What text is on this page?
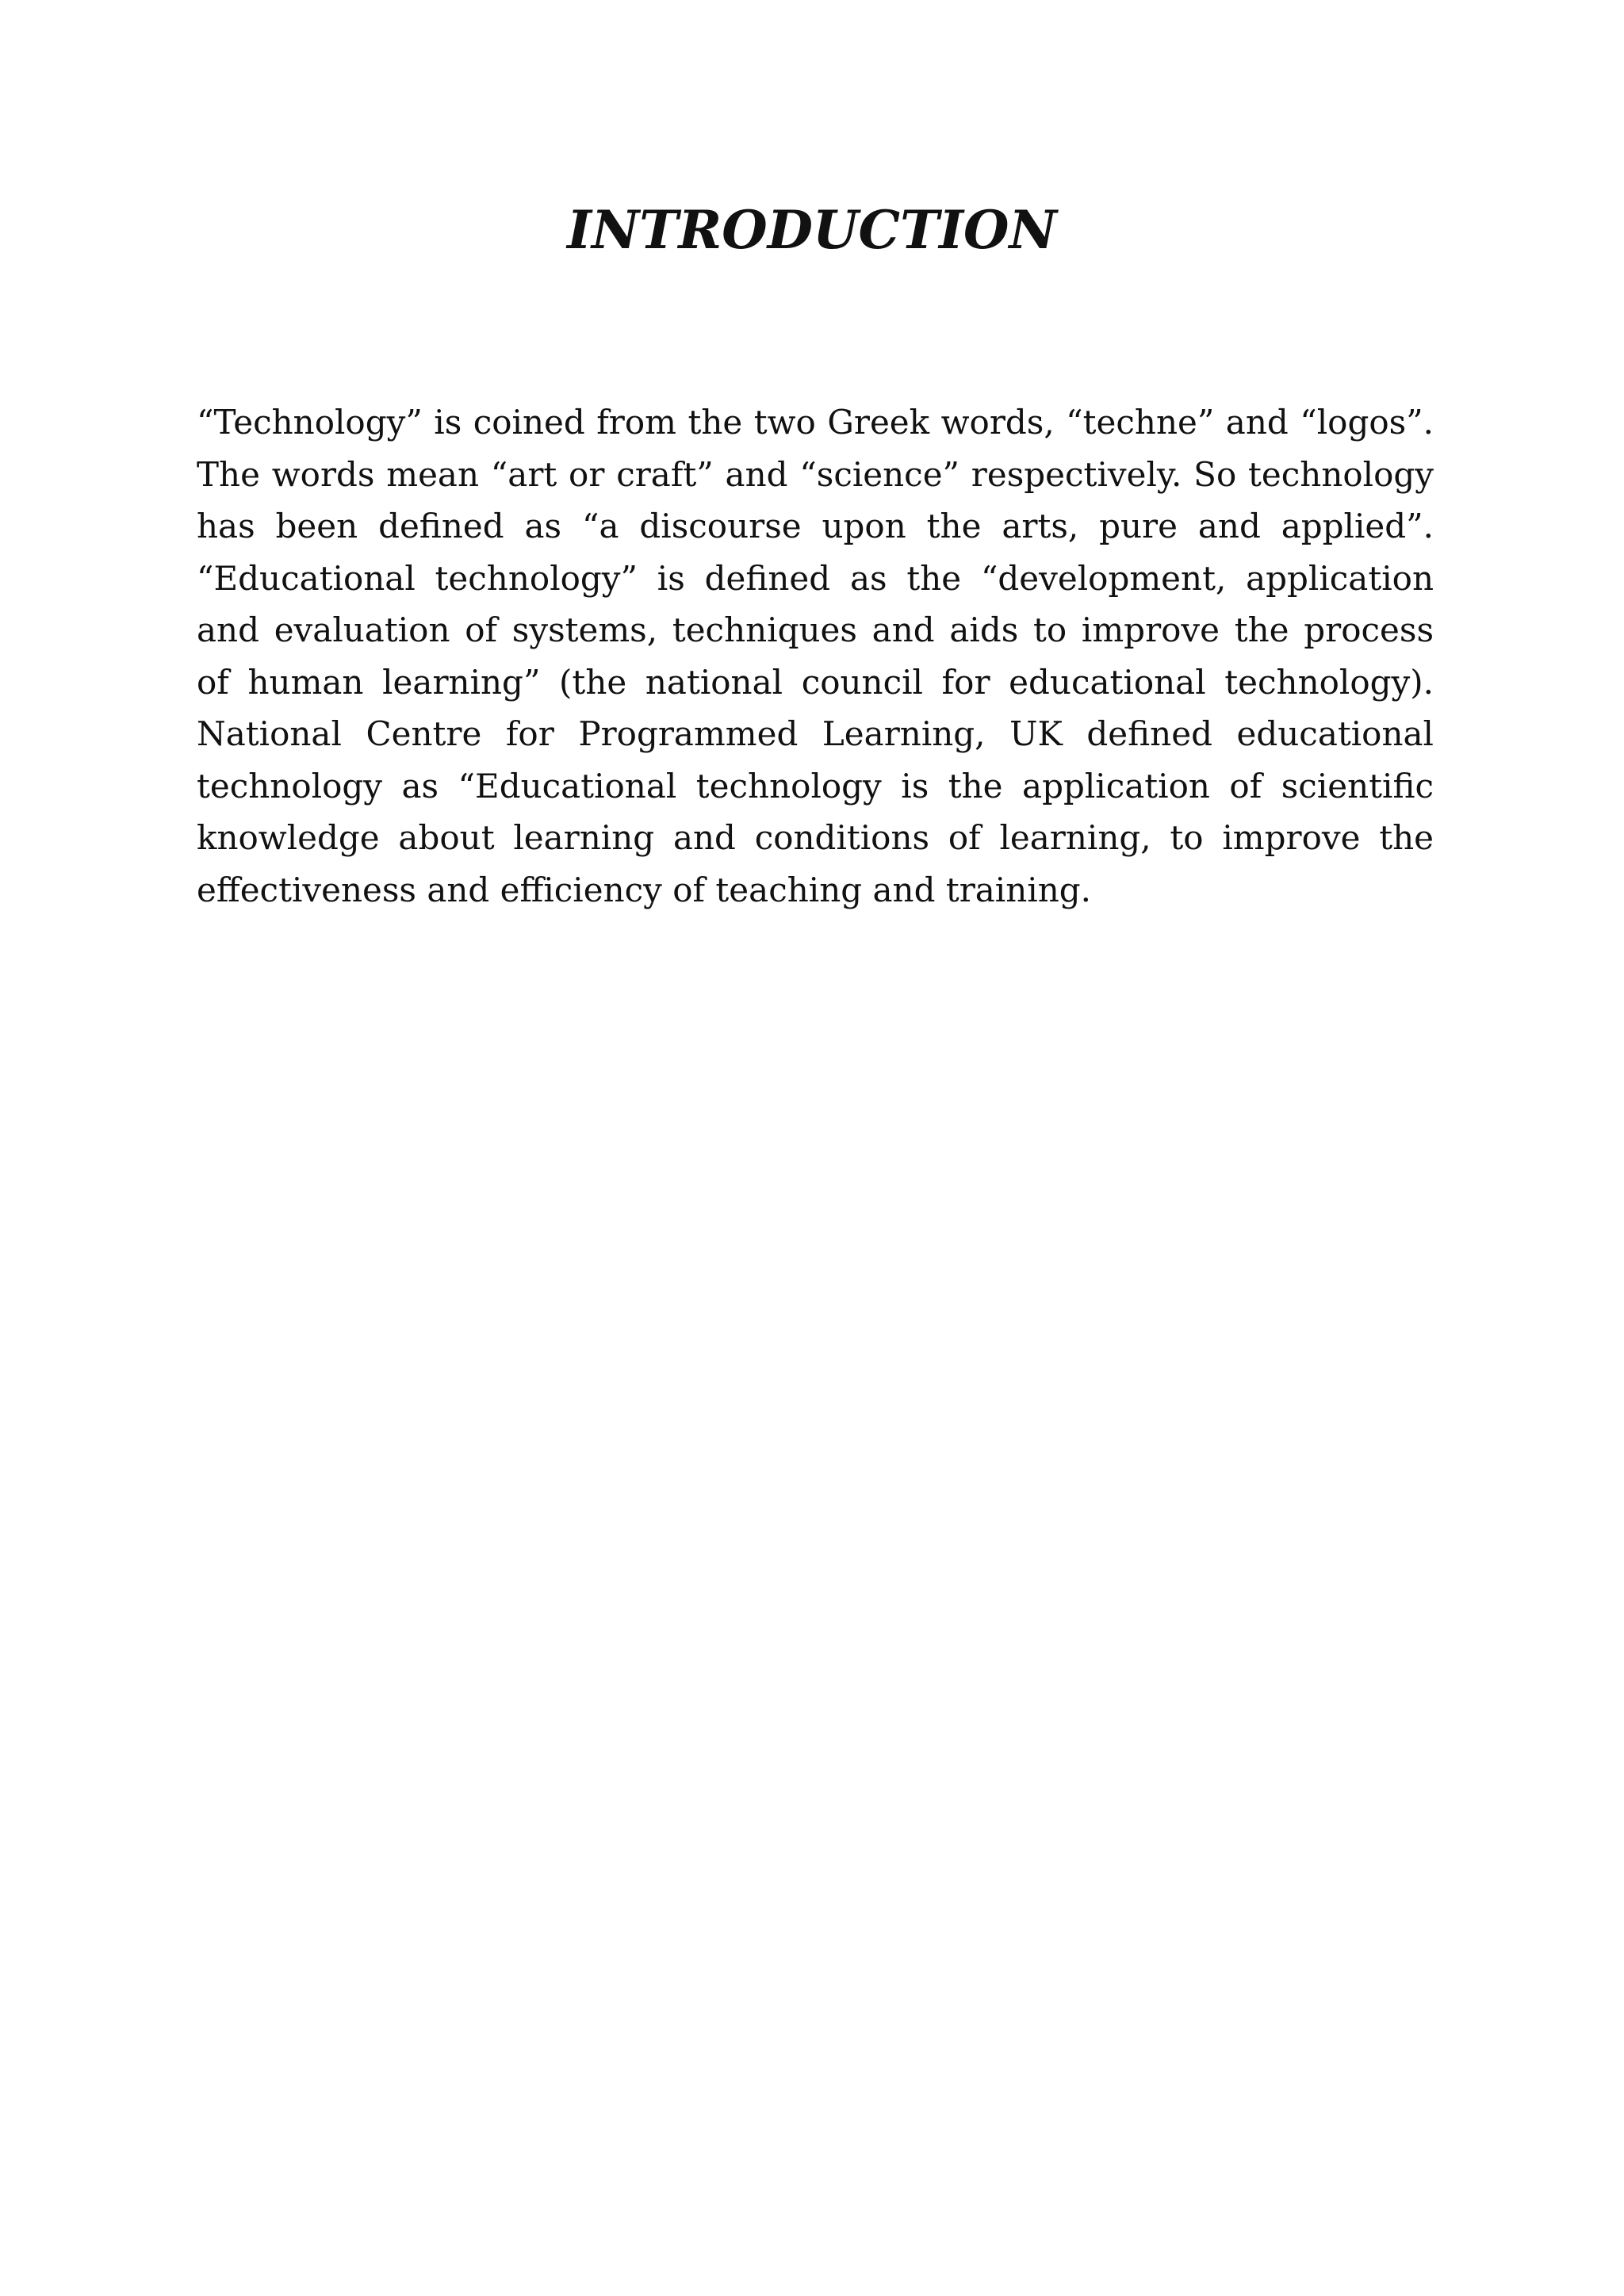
INTRODUCTION

“Technology” is coined from the two Greek words, “techne” and “logos”. The words mean “art or craft” and “science” respectively. So technology has been defined as “a discourse upon the arts, pure and applied”. “Educational technology” is defined as the “development, application and evaluation of systems, techniques and aids to improve the process of human learning” (the national council for educational technology). National Centre for Programmed Learning, UK defined educational technology as “Educational technology is the application of scientific knowledge about learning and conditions of learning, to improve the effectiveness and efficiency of teaching and training.
